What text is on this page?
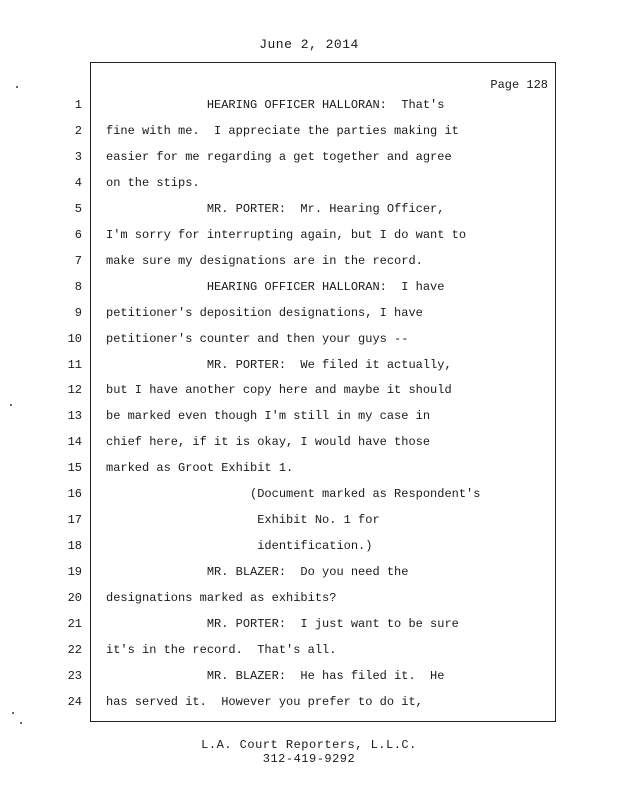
June 2, 2014
Page 128
1 HEARING OFFICER HALLORAN:  That's
2 fine with me.  I appreciate the parties making it
3 easier for me regarding a get together and agree
4 on the stips.
5 MR. PORTER:  Mr. Hearing Officer,
6 I'm sorry for interrupting again, but I do want to
7 make sure my designations are in the record.
8 HEARING OFFICER HALLORAN:  I have
9 petitioner's deposition designations, I have
10 petitioner's counter and then your guys --
11 MR. PORTER:  We filed it actually,
12 but I have another copy here and maybe it should
13 be marked even though I'm still in my case in
14 chief here, if it is okay, I would have those
15 marked as Groot Exhibit 1.
16 (Document marked as Respondent's
17 Exhibit No. 1 for
18 identification.)
19 MR. BLAZER:  Do you need the
20 designations marked as exhibits?
21 MR. PORTER:  I just want to be sure
22 it's in the record.  That's all.
23 MR. BLAZER:  He has filed it.  He
24 has served it.  However you prefer to do it,
L.A. Court Reporters, L.L.C.
312-419-9292
